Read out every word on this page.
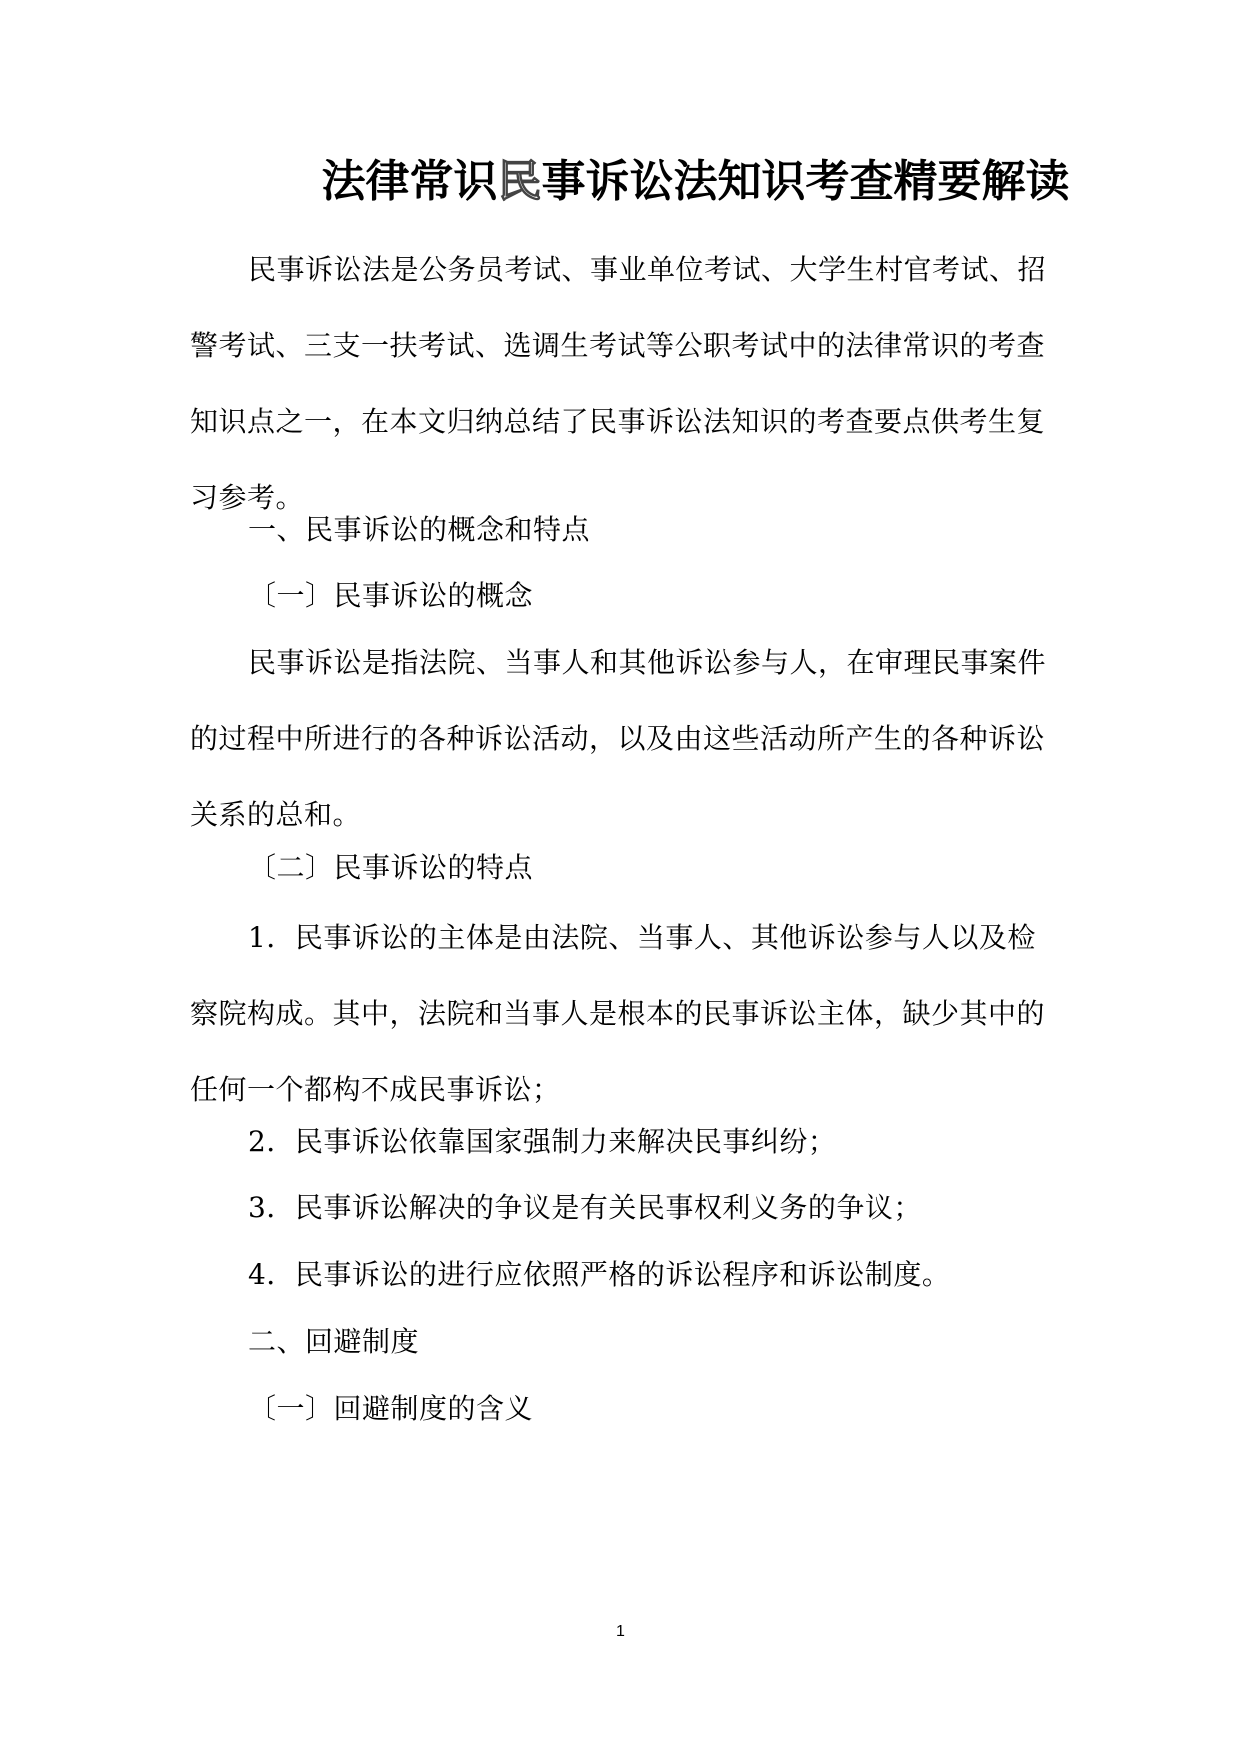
法律常识民事诉讼法知识考查精要解读

民事诉讼法是公务员考试、事业单位考试、大学生村官考试、招警考试、三支一扶考试、选调生考试等公职考试中的法律常识的考查知识点之一，在本文归纳总结了民事诉讼法知识的考查要点供考生复习参考。

一、民事诉讼的概念和特点

〔一〕民事诉讼的概念

民事诉讼是指法院、当事人和其他诉讼参与人，在审理民事案件的过程中所进行的各种诉讼活动，以及由这些活动所产生的各种诉讼关系的总和。

〔二〕民事诉讼的特点

1．民事诉讼的主体是由法院、当事人、其他诉讼参与人以及检察院构成。其中，法院和当事人是根本的民事诉讼主体，缺少其中的任何一个都构不成民事诉讼；

2．民事诉讼依靠国家强制力来解决民事纠纷；

3．民事诉讼解决的争议是有关民事权利义务的争议；

4．民事诉讼的进行应依照严格的诉讼程序和诉讼制度。

二、回避制度

〔一〕回避制度的含义

1
